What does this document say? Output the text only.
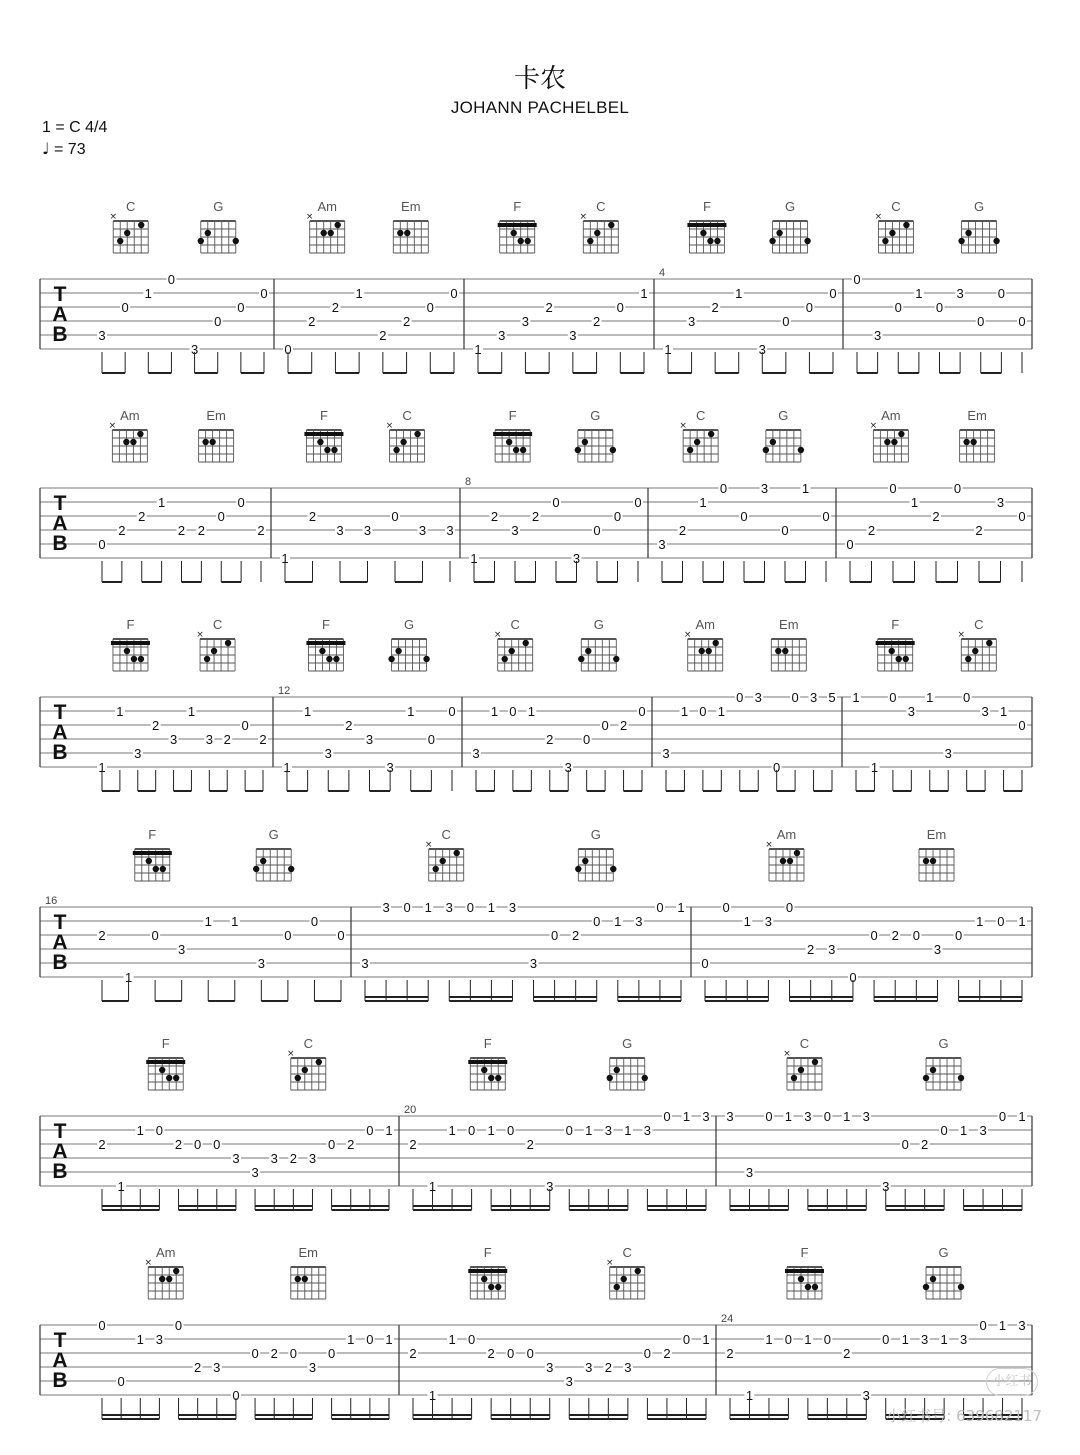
卡农
JOHANN PACHELBEL
1 = C 4/4
♩ = 73
T
A
B
C
×
G	Am
×
Em	F	C
×
F	G	C
×
G
3
0
1
0
3
0
0
0
0
2
2
1
2
2
0
0
1
3
3
2
3
2
0
1
4
1
3
2
1
3
0
0
0
0
3
0
1
0
3
0
0
0
T
A
B
Am
×
Em	F	C
×
F	G	C
×
G	Am
×
Em
0
2
2
1
2 2
0
0
2
1
2
3 3
0
3 3
8
1
2
3
2
0
3
0
0
0
3
2
1
0
0
3
0
1
0
0
2
0
1
2
0
2
3
0
T
A
B
F	C
×
F	G	C
×
G	Am
×
Em	F	C
×
1
1
3
2
3
1
3 2
0
2
12
1
1
3
2
3
3
1
0
0
3
1 0 1
2
3
0
0 2
0
3
1 0 1
0 3
0
0 3 5 1
1
0
3
1
3
0
3 1
0
T
A
B
F	G	C
×
G	Am
×
Em
16
2
1
0
3
1 1
3
0
0
0
3
3 0 1 3 0 1 3
3
0 2
0 1 3
0 1
0
0
1 3
0
2 3
0
0 2 0
3
0
1 0 1
T
A
B
F	C
×
F	G	C
×
G
2
1
1 0
2 0 0
3
3
3 2 3
0 2
0 1
20
2
1
1 0 1 0
2
3
0 1 3 1 3
0 1 3 3
3
0 1 3 0 1 3
3
0 2
0 1 3
0 1
T
A
B
Am
×
Em	F	C
×
F	G
0
0
1 3
0
2 3
0
0 2 0
3
0
1 0 1
2
1
1 0
2 0 0
3
3
3 2 3
0 2
0 1
24
2
1
1 0 1 0
2
3
0 1 3 1 3
0 1 3
小红书
小红书号: 639682117
